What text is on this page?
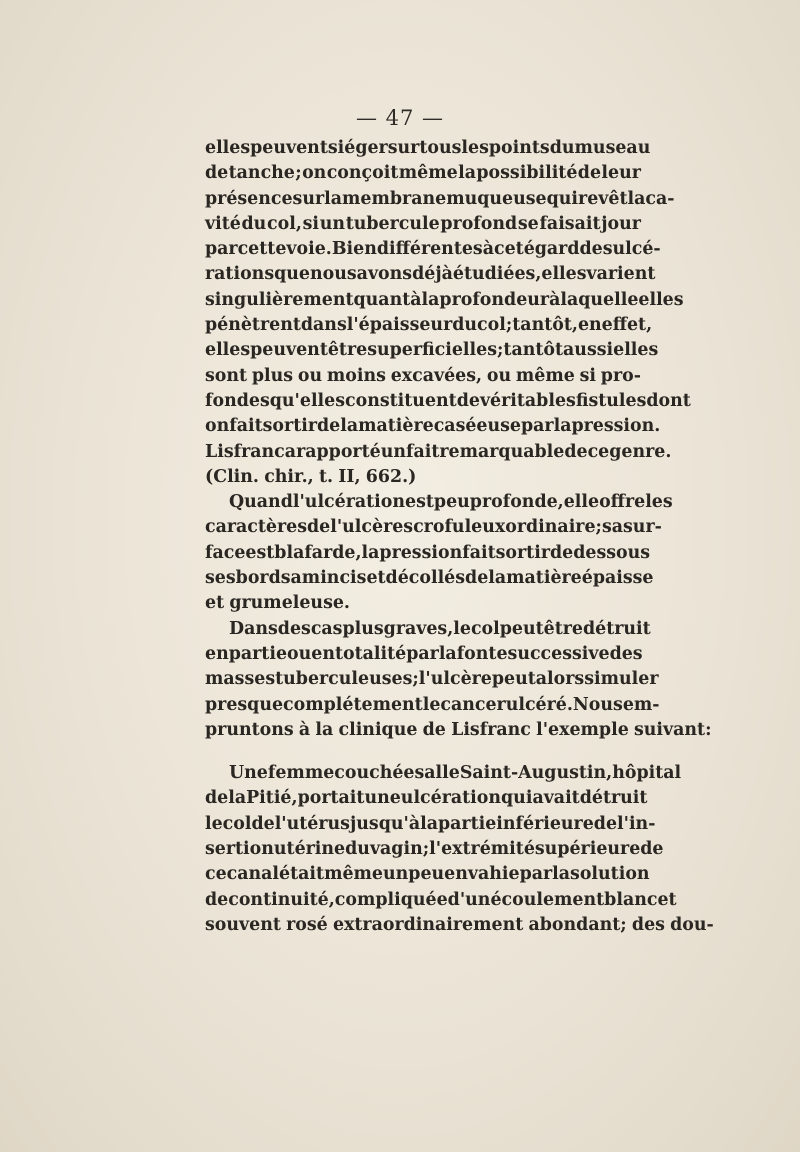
— 47 —
elles peuvent siéger sur tous les points du museau
de tanche ; on conçoit même la possibilité de leur
présence sur la membrane muqueuse qui revêt la ca-
vité du col, si un tubercule profond se faisait jour
par cette voie. Bien différentes à cet égard des ulcé-
rations que nous avons déjà étudiées, elles varient
singulièrement quant à la profondeur à laquelle elles
pénètrent dans l'épaisseur du col; tantôt, en effet,
elles peuvent être superficielles; tantôt aussi elles
sont plus ou moins excavées, ou même si pro-
fondes qu'elles constituent de véritables fistules dont
on fait sortir de la matière caséeuse par la pression.
Lisfranc a rapporté un fait remarquable de ce genre.
(Clin. chir., t. II, 662.)
Quand l'ulcération est peu profonde, elle offre les
caractères de l'ulcère scrofuleux ordinaire; sa sur-
face est blafarde, la pression fait sortir de dessous
ses bords amincis et décollés de la matière épaisse
et grumeleuse.
Dans des cas plus graves, le col peut être détruit
en partie ou en totalité par la fonte successive des
masses tuberculeuses; l'ulcère peut alors simuler
presque complétement le cancer ulcéré. Nous em-
pruntons à la clinique de Lisfranc l'exemple suivant:
Une femme couchée salle Saint-Augustin, hôpital
de la Pitié, portait une ulcération qui avait détruit
le col de l'utérus jusqu'à la partie inférieure de l'in-
sertion utérine du vagin ; l'extrémité supérieure de
ce canal était même un peu envahie par la solution
de continuité, compliquée d'un écoulement blanc et
souvent rosé extraordinairement abondant; des dou-
